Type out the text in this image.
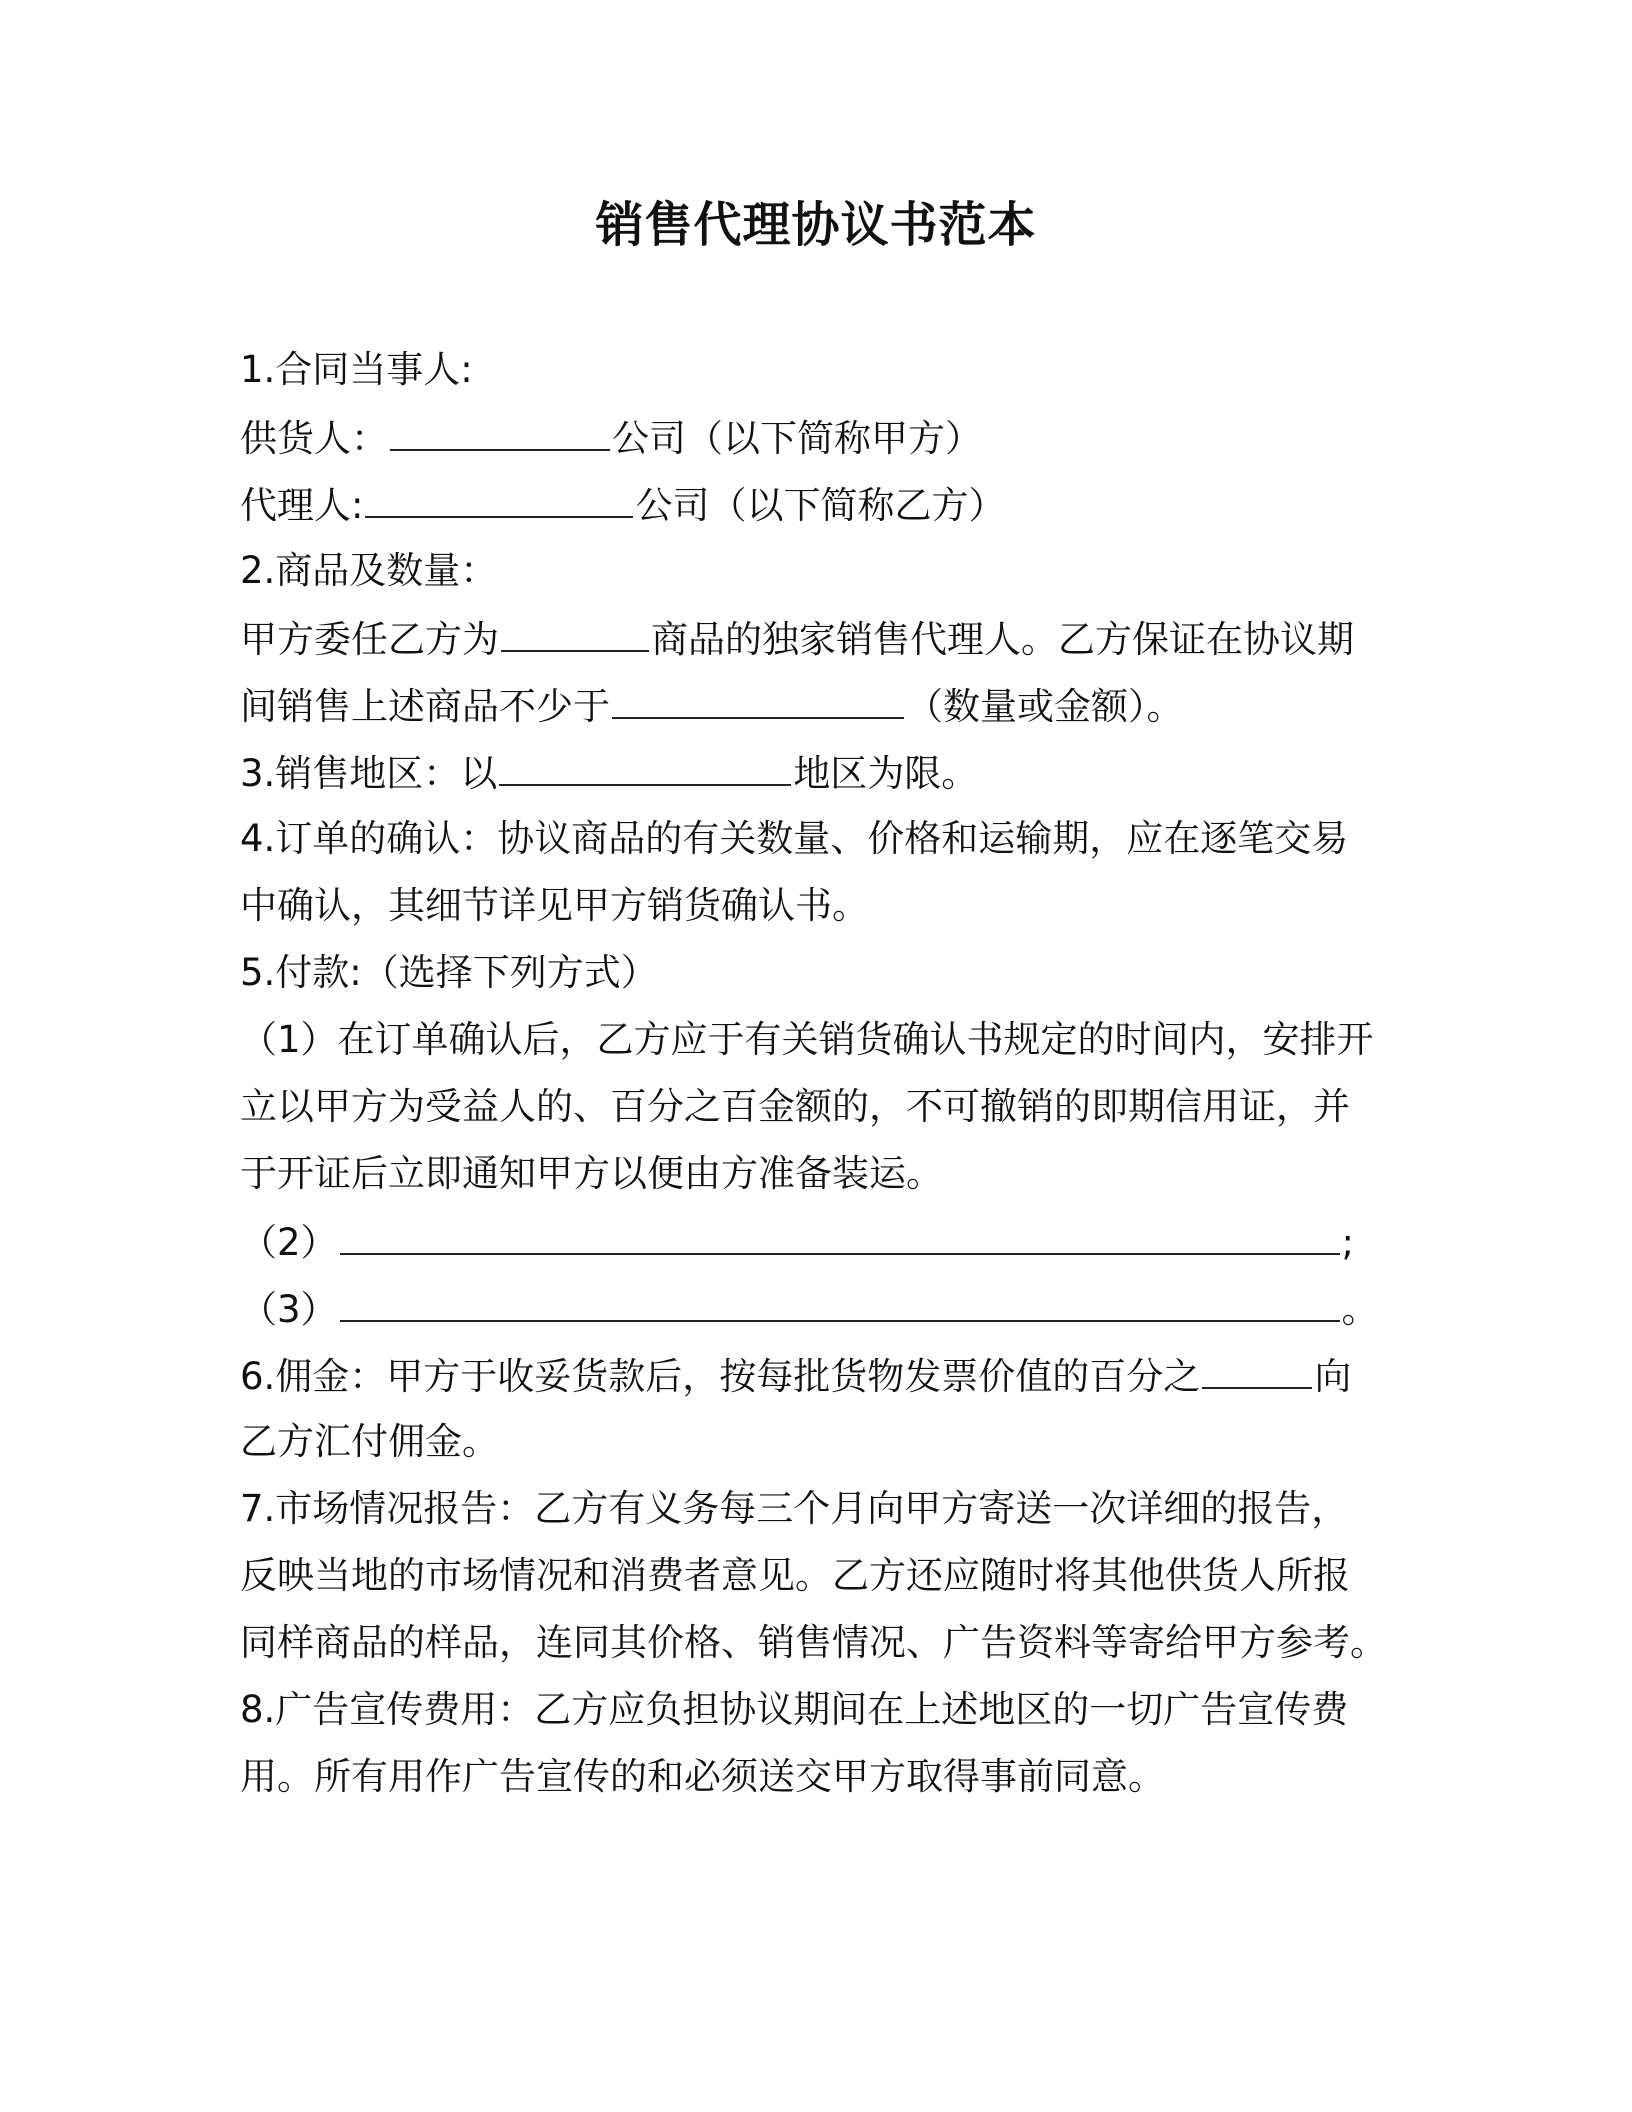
销售代理协议书范本
1.合同当事人:
供货人：	公司（以下简称甲方）
代理人:	公司（以下简称乙方）
2.商品及数量：
甲方委任乙方为	商品的独家销售代理人。乙方保证在协议期
间销售上述商品不少于	（数量或金额）。
3.销售地区：以	地区为限。
4.订单的确认：协议商品的有关数量、价格和运输期，应在逐笔交易
中确认，其细节详见甲方销货确认书。
5.付款:（选择下列方式）
（1）在订单确认后，乙方应于有关销货确认书规定的时间内，安排开
立以甲方为受益人的、百分之百金额的，不可撤销的即期信用证，并
于开证后立即通知甲方以便由方准备装运。
（2）	;
（3）	。
6.佣金：甲方于收妥货款后，按每批货物发票价值的百分之	向
乙方汇付佣金。
7.市场情况报告：乙方有义务每三个月向甲方寄送一次详细的报告，
反映当地的市场情况和消费者意见。乙方还应随时将其他供货人所报
同样商品的样品，连同其价格、销售情况、广告资料等寄给甲方参考。
8.广告宣传费用：乙方应负担协议期间在上述地区的一切广告宣传费
用。所有用作广告宣传的和必须送交甲方取得事前同意。
